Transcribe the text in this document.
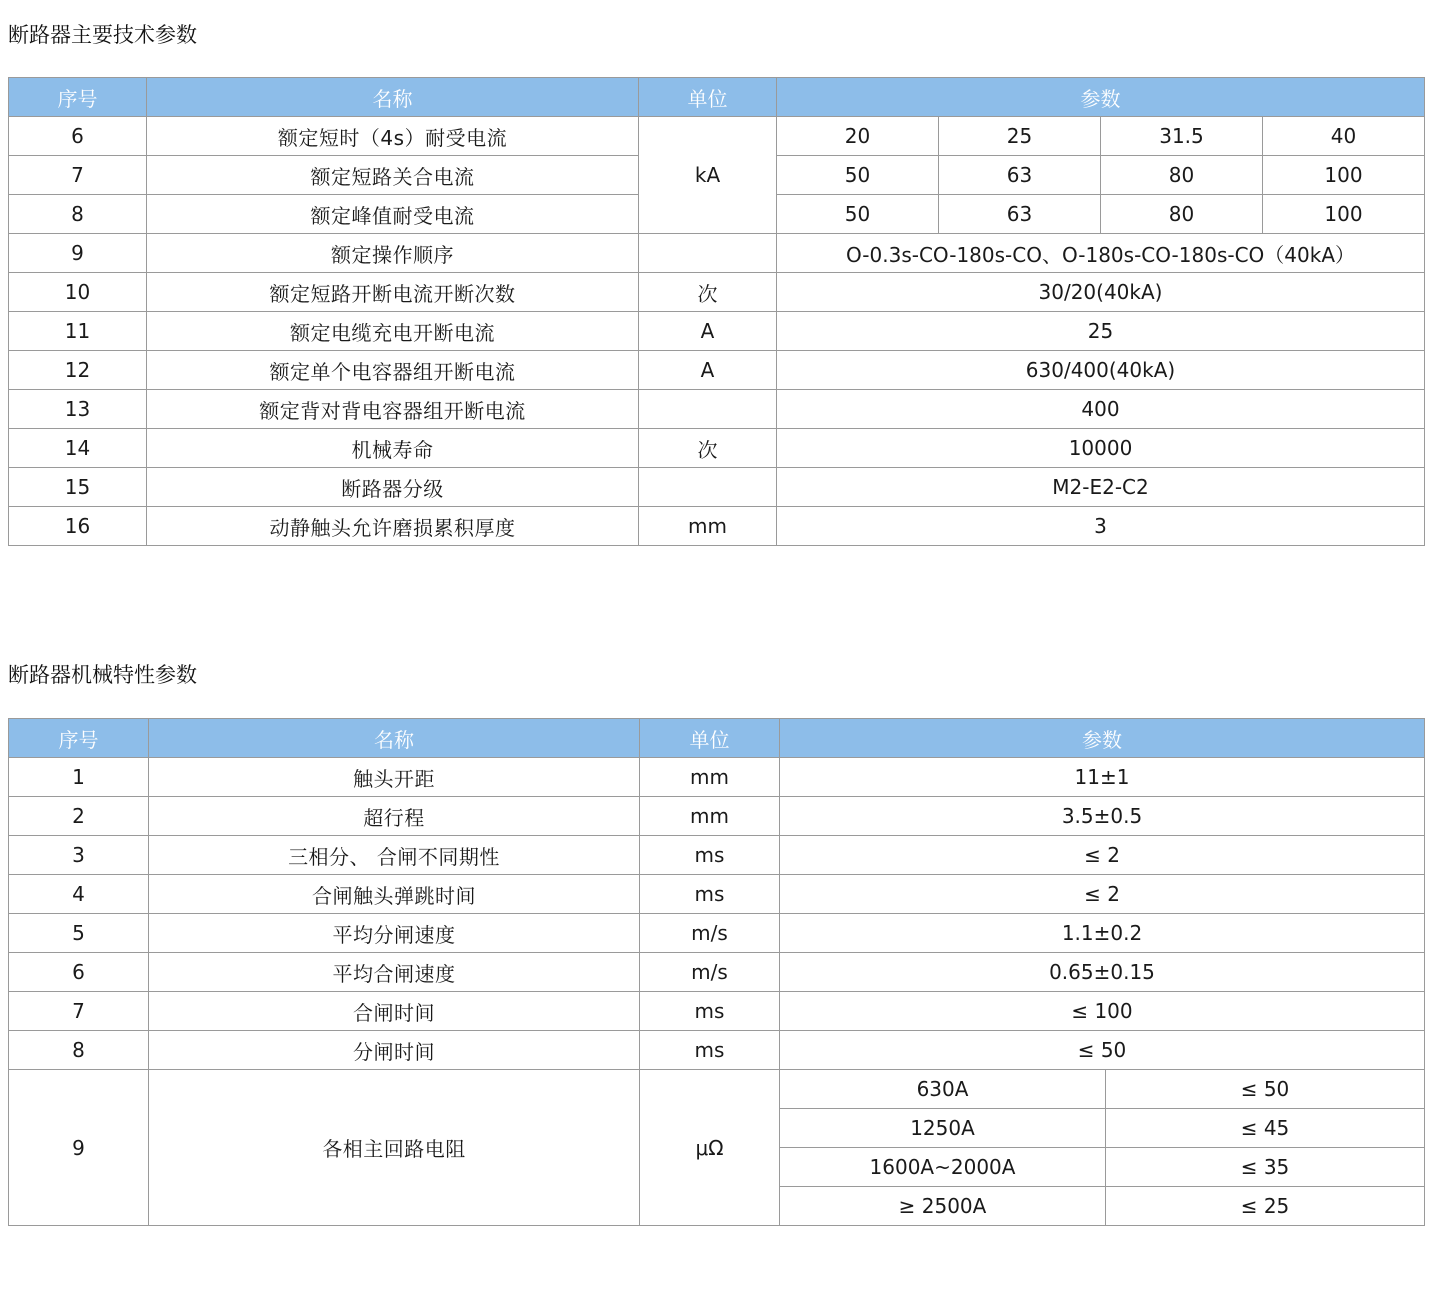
断路器主要技术参数
序号	名称	单位	参数			
6	额定短时（4s）耐受电流	kA	20	25	31.5	40
7	额定短路关合电流		50	63	80	100
8	额定峰值耐受电流		50	63	80	100
9	额定操作顺序		O-0.3s-CO-180s-CO、O-180s-CO-180s-CO（40kA）			
10	额定短路开断电流开断次数	次	30/20(40kA)			
11	额定电缆充电开断电流	A	25			
12	额定单个电容器组开断电流	A	630/400(40kA)			
13	额定背对背电容器组开断电流		400			
14	机械寿命	次	10000			
15	断路器分级		M2-E2-C2			
16	动静触头允许磨损累积厚度	mm	3			
断路器机械特性参数
序号	名称	单位	参数	
1	触头开距	mm	11±1	
2	超行程	mm	3.5±0.5	
3	三相分、 合闸不同期性	ms	≤ 2	
4	合闸触头弹跳时间	ms	≤ 2	
5	平均分闸速度	m/s	1.1±0.2	
6	平均合闸速度	m/s	0.65±0.15	
7	合闸时间	ms	≤ 100	
8	分闸时间	ms	≤ 50	
9	各相主回路电阻	μΩ	630A	≤ 50
			1250A	≤ 45
			1600A~2000A	≤ 35
			≥ 2500A	≤ 25
